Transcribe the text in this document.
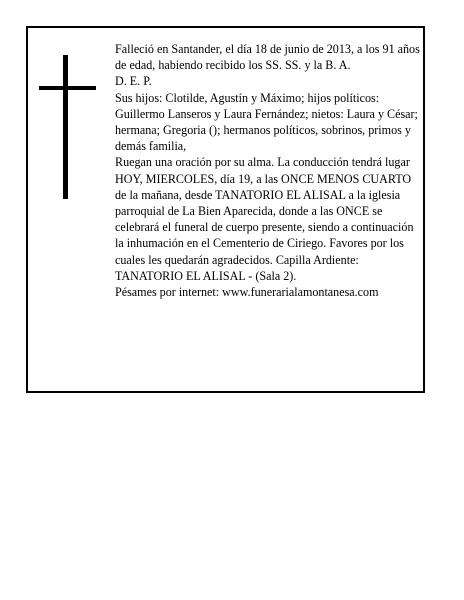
Falleció en Santander, el día 18 de junio de 2013, a los 91 años de edad, habiendo recibido los SS. SS. y la B. A.

D. E. P.

Sus hijos: Clotilde, Agustín y Máximo; hijos políticos: Guillermo Lanseros y Laura Fernández; nietos: Laura y César; hermana; Gregoria (); hermanos políticos, sobrinos, primos y demás familia,

Ruegan una oración por su alma. La conducción tendrá lugar HOY, MIERCOLES, día 19, a las ONCE MENOS CUARTO de la mañana, desde TANATORIO EL ALISAL a la iglesia parroquial de La Bien Aparecida, donde a las ONCE se celebrará el funeral de cuerpo presente, siendo a continuación la inhumación en el Cementerio de Ciriego. Favores por los cuales les quedarán agradecidos. Capilla Ardiente: TANATORIO EL ALISAL - (Sala 2).

Pésames por internet: www.funerarialamontanesa.com
